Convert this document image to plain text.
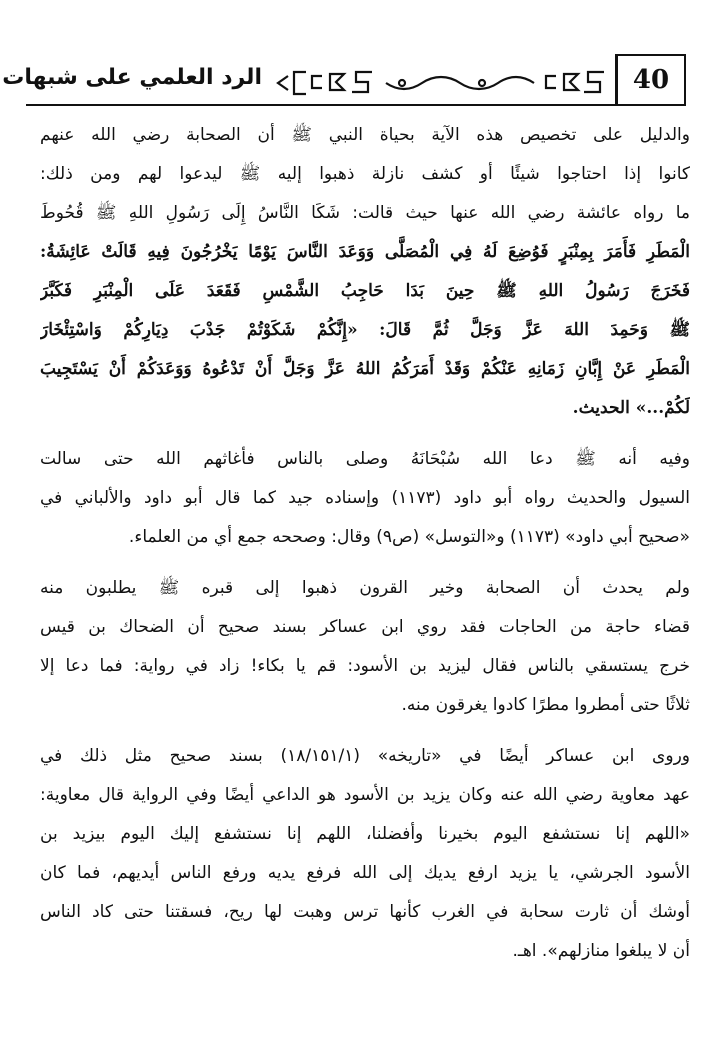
40
الرد العلمي على شبهات
والدليل على تخصيص هذه الآية بحياة النبي ﷺ أن الصحابة رضي الله عنهم
كانوا إذا احتاجوا شيئًا أو كشف نازلة ذهبوا إليه ﷺ ليدعوا لهم ومن ذلك:
ما رواه عائشة رضي الله عنها حيث قالت: شَكَا النَّاسُ إِلَى رَسُولِ اللهِ ﷺ قُحُوطَ
الْمَطَرِ فَأَمَرَ بِمِنْبَرٍ فَوُضِعَ لَهُ فِي الْمُصَلَّى وَوَعَدَ النَّاسَ يَوْمًا يَخْرُجُونَ فِيهِ قَالَتْ عَائِشَةُ:
فَخَرَجَ رَسُولُ اللهِ ﷺ حِينَ بَدَا حَاجِبُ الشَّمْسِ فَقَعَدَ عَلَى الْمِنْبَرِ فَكَبَّرَ
ﷺ وَحَمِدَ اللهَ عَزَّ وَجَلَّ ثُمَّ قَالَ: «إِنَّكُمْ شَكَوْتُمْ جَدْبَ دِيَارِكُمْ وَاسْتِئْخَارَ
الْمَطَرِ عَنْ إِبَّانِ زَمَانِهِ عَنْكُمْ وَقَدْ أَمَرَكُمُ اللهُ عَزَّ وَجَلَّ أَنْ تَدْعُوهُ وَوَعَدَكُمْ أَنْ يَسْتَجِيبَ
لَكُمْ...» الحديث.
وفيه أنه ﷺ دعا الله سُبْحَانَهُ وصلى بالناس فأغاثهم الله حتى سالت
السيول والحديث رواه أبو داود (١١٧٣) وإسناده جيد كما قال أبو داود والألباني في
«صحيح أبي داود» (١١٧٣) و«التوسل» (ص٩) وقال: وصححه جمع أي من العلماء.
ولم يحدث أن الصحابة وخير القرون ذهبوا إلى قبره ﷺ يطلبون منه
قضاء حاجة من الحاجات فقد روي ابن عساكر بسند صحيح أن الضحاك بن قيس
خرج يستسقي بالناس فقال ليزيد بن الأسود: قم يا بكاء! زاد في رواية: فما دعا إلا
ثلاثًا حتى أمطروا مطرًا كادوا يغرقون منه.
وروى ابن عساكر أيضًا في «تاريخه» (١٨/١٥١/١) بسند صحيح مثل ذلك في
عهد معاوية رضي الله عنه وكان يزيد بن الأسود هو الداعي أيضًا وفي الرواية قال معاوية:
«اللهم إنا نستشفع اليوم بخيرنا وأفضلنا، اللهم إنا نستشفع إليك اليوم بيزيد بن
الأسود الجرشي، يا يزيد ارفع يديك إلى الله فرفع يديه ورفع الناس أيديهم، فما كان
أوشك أن ثارت سحابة في الغرب كأنها ترس وهبت لها ريح، فسقتنا حتى كاد الناس
أن لا يبلغوا منازلهم». اهـ.
